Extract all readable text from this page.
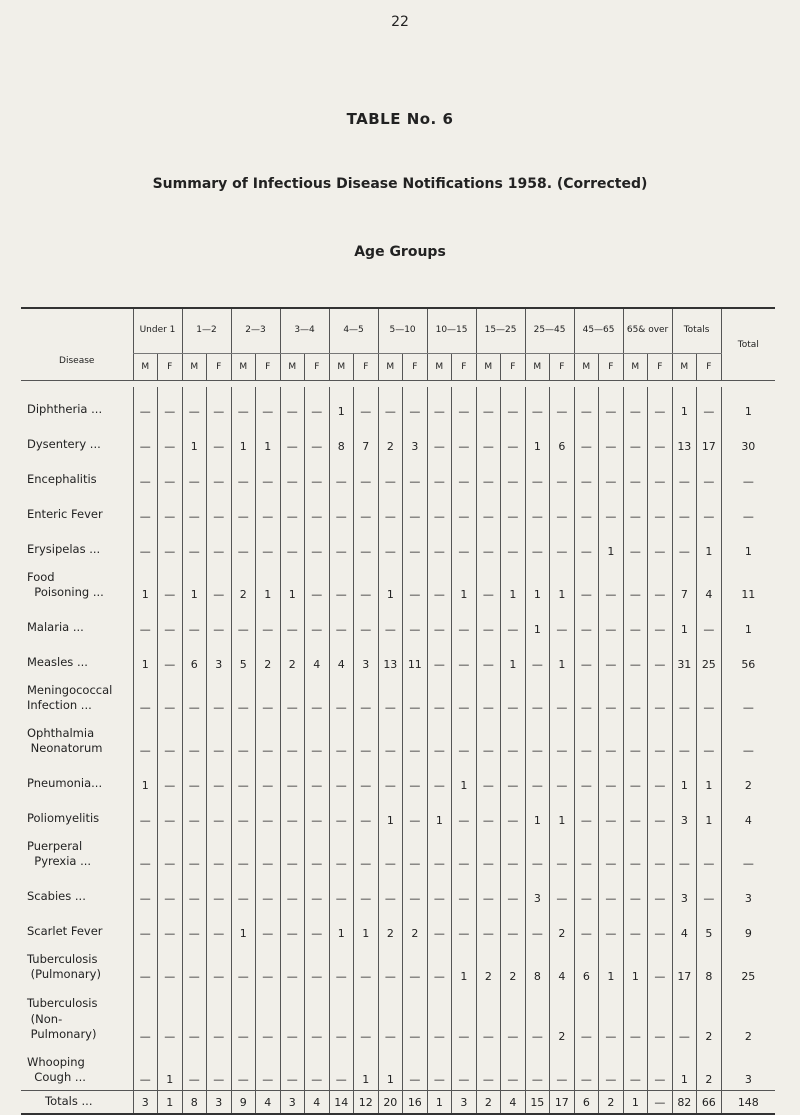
22
TABLE No. 6
Summary of Infectious Disease Notifications 1958. (Corrected)
Age Groups
Disease	Under 1		1—2		2—3		3—4		4—5		5—10		10—15		15—25		25—45		45—65		65& over		Totals		Total
	M	F	M	F	M	F	M	F	M	F	M	F	M	F	M	F	M	F	M	F	M	F	M	F	

Diphtheria ...	—	—	—	—	—	—	—	—	1	—	—	—	—	—	—	—	—	—	—	—	—	—	1	—	1
Dysentery ...	—	—	1	—	1	1	—	—	8	7	2	3	—	—	—	—	1	6	—	—	—	—	13	17	30
Encephalitis	—	—	—	—	—	—	—	—	—	—	—	—	—	—	—	—	—	—	—	—	—	—	—	—	—
Enteric Fever	—	—	—	—	—	—	—	—	—	—	—	—	—	—	—	—	—	—	—	—	—	—	—	—	—
Erysipelas ...	—	—	—	—	—	—	—	—	—	—	—	—	—	—	—	—	—	—	—	1	—	—	—	1	1
Food
Poisoning ...	1	—	1	—	2	1	1	—	—	—	1	—	—	1	—	1	1	1	—	—	—	—	7	4	11
Malaria ...	—	—	—	—	—	—	—	—	—	—	—	—	—	—	—	—	1	—	—	—	—	—	1	—	1
Measles ...	1	—	6	3	5	2	2	4	4	3	13	11	—	—	—	1	—	1	—	—	—	—	31	25	56
Meningococcal
Infection ...	—	—	—	—	—	—	—	—	—	—	—	—	—	—	—	—	—	—	—	—	—	—	—	—	—
Ophthalmia
Neonatorum	—	—	—	—	—	—	—	—	—	—	—	—	—	—	—	—	—	—	—	—	—	—	—	—	—
Pneumonia...	1	—	—	—	—	—	—	—	—	—	—	—	—	1	—	—	—	—	—	—	—	—	1	1	2
Poliomyelitis	—	—	—	—	—	—	—	—	—	—	1	—	1	—	—	—	1	1	—	—	—	—	3	1	4
Puerperal
Pyrexia ...	—	—	—	—	—	—	—	—	—	—	—	—	—	—	—	—	—	—	—	—	—	—	—	—	—
Scabies ...	—	—	—	—	—	—	—	—	—	—	—	—	—	—	—	—	3	—	—	—	—	—	3	—	3
Scarlet Fever	—	—	—	—	1	—	—	—	1	1	2	2	—	—	—	—	—	2	—	—	—	—	4	5	9
Tuberculosis
(Pulmonary)	—	—	—	—	—	—	—	—	—	—	—	—	—	1	2	2	8	4	6	1	1	—	17	8	25
Tuberculosis
(Non-
Pulmonary)	—	—	—	—	—	—	—	—	—	—	—	—	—	—	—	—	—	2	—	—	—	—	—	2	2
Whooping
Cough ...	—	1	—	—	—	—	—	—	—	1	1	—	—	—	—	—	—	—	—	—	—	—	1	2	3
Totals ...	3	1	8	3	9	4	3	4	14	12	20	16	1	3	2	4	15	17	6	2	1	—	82	66	148
